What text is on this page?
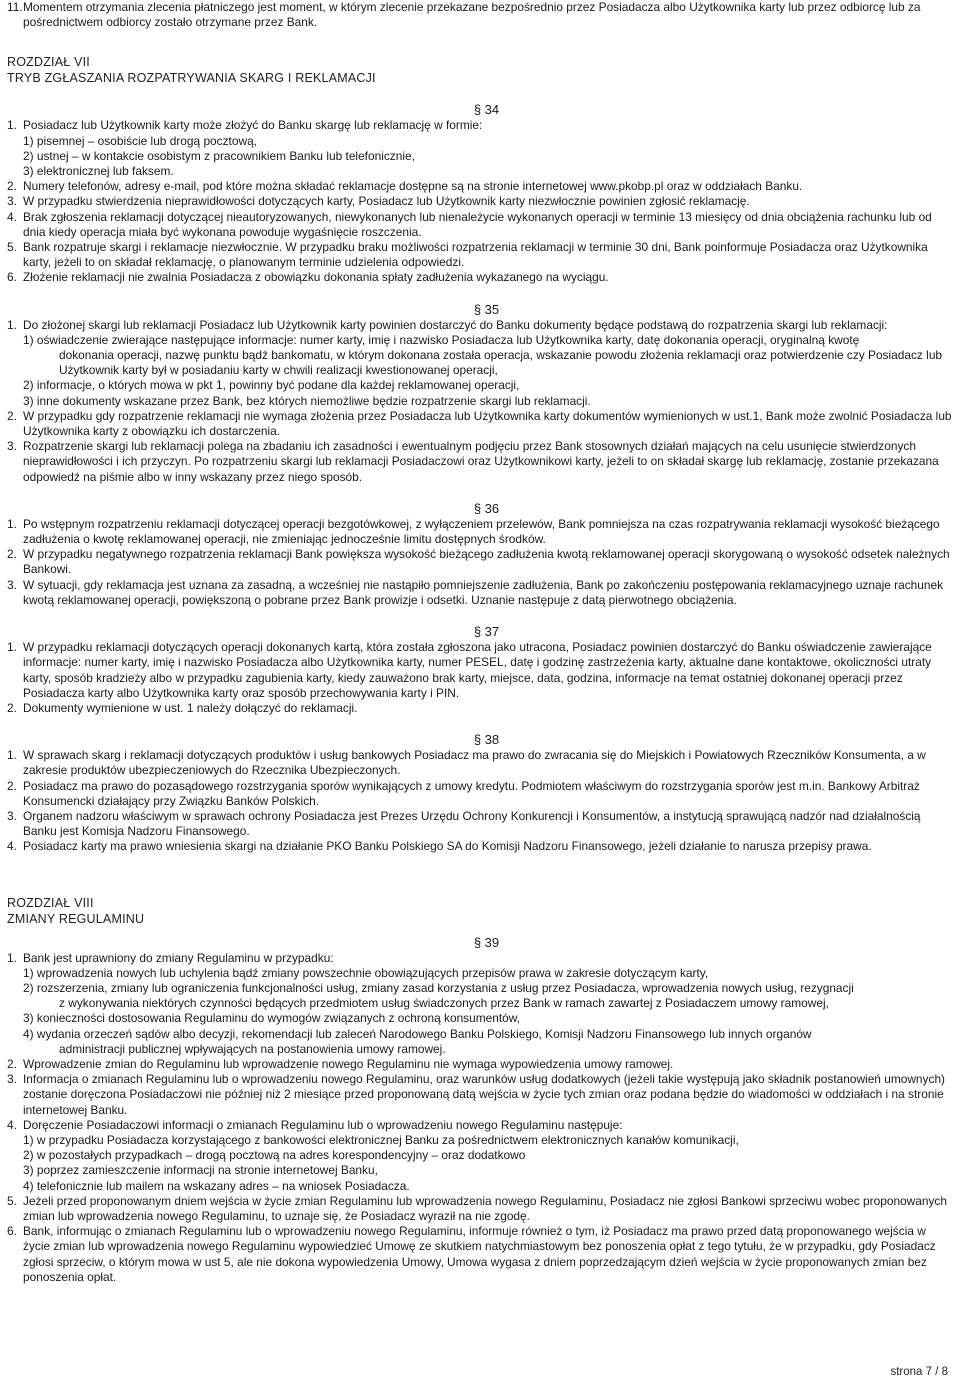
11. Momentem otrzymania zlecenia płatniczego jest moment, w którym zlecenie przekazane bezpośrednio przez Posiadacza albo Użytkownika karty lub przez odbiorcę lub za pośrednictwem odbiorcy zostało otrzymane przez Bank.
ROZDZIAŁ VII
TRYB ZGŁASZANIA ROZPATRYWANIA SKARG I REKLAMACJI
§ 34
1. Posiadacz lub Użytkownik karty może złożyć do Banku skargę lub reklamację w formie:
1) pisemnej – osobiście lub drogą pocztową,
2) ustnej – w kontakcie osobistym z pracownikiem Banku lub telefonicznie,
3) elektronicznej lub faksem.
2. Numery telefonów, adresy e-mail, pod które można składać reklamacje dostępne są na stronie internetowej www.pkobp.pl oraz w oddziałach Banku.
3. W przypadku stwierdzenia nieprawidłowości dotyczących karty, Posiadacz lub Użytkownik karty niezwłocznie powinien zgłosić reklamację.
4. Brak zgłoszenia reklamacji dotyczącej nieautoryzowanych, niewykonanych lub nienależycie wykonanych operacji w terminie 13 miesięcy od dnia obciążenia rachunku lub od dnia kiedy operacja miała być wykonana powoduje wygaśnięcie roszczenia.
5. Bank rozpatruje skargi i reklamacje niezwłocznie. W przypadku braku możliwości rozpatrzenia reklamacji w terminie 30 dni, Bank poinformuje Posiadacza oraz Użytkownika karty, jeżeli to on składał reklamację, o planowanym terminie udzielenia odpowiedzi.
6. Złożenie reklamacji nie zwalnia Posiadacza z obowiązku dokonania spłaty zadłużenia wykazanego na wyciągu.
§ 35
1. Do złożonej skargi lub reklamacji Posiadacz lub Użytkownik karty powinien dostarczyć do Banku dokumenty będące podstawą do rozpatrzenia skargi lub reklamacji:
1) oświadczenie zwierające następujące informacje: numer karty, imię i nazwisko Posiadacza lub Użytkownika karty, datę dokonania operacji, oryginalną kwotę
dokonania operacji, nazwę punktu bądź bankomatu, w którym dokonana została operacja, wskazanie powodu złożenia reklamacji oraz potwierdzenie czy Posiadacz lub Użytkownik karty był w posiadaniu karty w chwili realizacji kwestionowanej operacji,
2) informacje, o których mowa w pkt 1, powinny być podane dla każdej reklamowanej operacji,
3) inne dokumenty wskazane przez Bank, bez których niemożliwe będzie rozpatrzenie skargi lub reklamacji.
2. W przypadku gdy rozpatrzenie reklamacji nie wymaga złożenia przez Posiadacza lub Użytkownika karty dokumentów wymienionych w ust.1, Bank może zwolnić Posiadacza lub Użytkownika karty z obowiązku ich dostarczenia.
3. Rozpatrzenie skargi lub reklamacji polega na zbadaniu ich zasadności i ewentualnym podjęciu przez Bank stosownych działań mających na celu usunięcie stwierdzonych nieprawidłowości i ich przyczyn. Po rozpatrzeniu skargi lub reklamacji Posiadaczowi oraz Użytkownikowi karty, jeżeli to on składał skargę lub reklamację, zostanie przekazana odpowiedź na piśmie albo w inny wskazany przez niego sposób.
§ 36
1. Po wstępnym rozpatrzeniu reklamacji dotyczącej operacji bezgotówkowej, z wyłączeniem przelewów, Bank pomniejsza na czas rozpatrywania reklamacji wysokość bieżącego zadłużenia o kwotę reklamowanej operacji, nie zmieniając jednocześnie limitu dostępnych środków.
2. W przypadku negatywnego rozpatrzenia reklamacji Bank powiększa wysokość bieżącego zadłużenia kwotą reklamowanej operacji skorygowaną o wysokość odsetek należnych Bankowi.
3. W sytuacji, gdy reklamacja jest uznana za zasadną, a wcześniej nie nastąpiło pomniejszenie zadłużenia, Bank po zakończeniu postępowania reklamacyjnego uznaje rachunek kwotą reklamowanej operacji, powiększoną o pobrane przez Bank prowizje i odsetki. Uznanie następuje z datą pierwotnego obciążenia.
§ 37
1. W przypadku reklamacji dotyczących operacji dokonanych kartą, która została zgłoszona jako utracona, Posiadacz powinien dostarczyć do Banku oświadczenie zawierające informacje: numer karty, imię i nazwisko Posiadacza albo Użytkownika karty, numer PESEL, datę i godzinę zastrzeżenia karty, aktualne dane kontaktowe, okoliczności utraty karty, sposób kradzieży albo w przypadku zagubienia karty, kiedy zauważono brak karty, miejsce, data, godzina, informacje na temat ostatniej dokonanej operacji przez Posiadacza karty albo Użytkownika karty oraz sposób przechowywania karty i PIN.
2. Dokumenty wymienione w ust. 1 należy dołączyć do reklamacji.
§ 38
1. W sprawach skarg i reklamacji dotyczących produktów i usług bankowych Posiadacz ma prawo do zwracania się do Miejskich i Powiatowych Rzeczników Konsumenta, a w zakresie produktów ubezpieczeniowych do Rzecznika Ubezpieczonych.
2. Posiadacz ma prawo do pozasądowego rozstrzygania sporów wynikających z umowy kredytu. Podmiotem właściwym do rozstrzygania sporów jest m.in. Bankowy Arbitraż Konsumencki działający przy Związku Banków Polskich.
3. Organem nadzoru właściwym w sprawach ochrony Posiadacza jest Prezes Urzędu Ochrony Konkurencji i Konsumentów, a instytucją sprawującą nadzór nad działalnością Banku jest Komisja Nadzoru Finansowego.
4. Posiadacz karty ma prawo wniesienia skargi na działanie PKO Banku Polskiego SA do Komisji Nadzoru Finansowego, jeżeli działanie to narusza przepisy prawa.
ROZDZIAŁ VIII
ZMIANY REGULAMINU
§ 39
1. Bank jest uprawniony do zmiany Regulaminu w przypadku:
1) wprowadzenia nowych lub uchylenia bądź zmiany powszechnie obowiązujących przepisów prawa w zakresie dotyczącym karty,
2) rozszerzenia, zmiany lub ograniczenia funkcjonalności usług, zmiany zasad korzystania z usług przez Posiadacza, wprowadzenia nowych usług, rezygnacji
z wykonywania niektórych czynności będących przedmiotem usług świadczonych przez Bank w ramach zawartej z Posiadaczem umowy ramowej,
3) konieczności dostosowania Regulaminu do wymogów związanych z ochroną konsumentów,
4) wydania orzeczeń sądów albo decyzji, rekomendacji lub zaleceń Narodowego Banku Polskiego, Komisji Nadzoru Finansowego lub innych organów
administracji publicznej wpływających na postanowienia umowy ramowej.
2. Wprowadzenie zmian do Regulaminu lub wprowadzenie nowego Regulaminu nie wymaga wypowiedzenia umowy ramowej.
3. Informacja o zmianach Regulaminu lub o wprowadzeniu nowego Regulaminu, oraz warunków usług dodatkowych (jeżeli takie występują jako składnik postanowień umownych) zostanie doręczona Posiadaczowi nie później niż 2 miesiące przed proponowaną datą wejścia w życie tych zmian oraz podana będzie do wiadomości w oddziałach i na stronie internetowej Banku.
4. Doręczenie Posiadaczowi informacji o zmianach Regulaminu lub o wprowadzeniu nowego Regulaminu następuje:
1) w przypadku Posiadacza korzystającego z bankowości elektronicznej Banku za pośrednictwem elektronicznych kanałów komunikacji,
2) w pozostałych przypadkach – drogą pocztową na adres korespondencyjny – oraz dodatkowo
3) poprzez zamieszczenie informacji na stronie internetowej Banku,
4) telefonicznie lub mailem na wskazany adres – na wniosek Posiadacza.
5. Jeżeli przed proponowanym dniem wejścia w życie zmian Regulaminu lub wprowadzenia nowego Regulaminu, Posiadacz nie zgłosi Bankowi sprzeciwu wobec proponowanych zmian lub wprowadzenia nowego Regulaminu, to uznaje się, że Posiadacz wyraził na nie zgodę.
6. Bank, informując o zmianach Regulaminu lub o wprowadzeniu nowego Regulaminu, informuje również o tym, iż Posiadacz ma prawo przed datą proponowanego wejścia w życie zmian lub wprowadzenia nowego Regulaminu wypowiedzieć Umowę ze skutkiem natychmiastowym bez ponoszenia opłat z tego tytułu, że w przypadku, gdy Posiadacz zgłosi sprzeciw, o którym mowa w ust 5, ale nie dokona wypowiedzenia Umowy, Umowa wygasa z dniem poprzedzającym dzień wejścia w życie proponowanych zmian bez ponoszenia opłat.
strona 7 / 8
